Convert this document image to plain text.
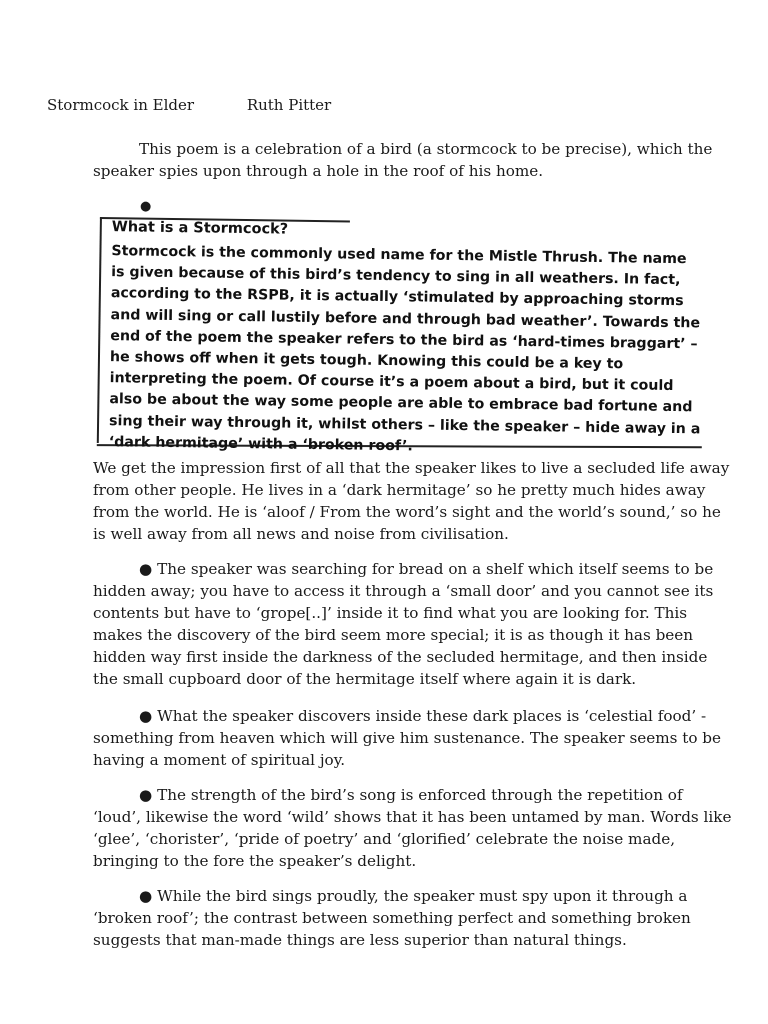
Stormcock in Elder	Ruth Pitter

This poem is a celebration of a bird (a stormcock to be precise), which the speaker spies upon through a hole in the roof of his home.

●
What is a Stormcock?

Stormcock is the commonly used name for the Mistle Thrush. The name is given because of this bird’s tendency to sing in all weathers. In fact, according to the RSPB, it is actually ‘stimulated by approaching storms and will sing or call lustily before and through bad weather’. Towards the end of the poem the speaker refers to the bird as ‘hard-times braggart’ – he shows off when it gets tough. Knowing this could be a key to interpreting the poem. Of course it’s a poem about a bird, but it could also be about the way some people are able to embrace bad fortune and sing their way through it, whilst others – like the speaker – hide away in a ‘dark hermitage’ with a ‘broken roof’.

We get the impression first of all that the speaker likes to live a secluded life away from other people. He lives in a ‘dark hermitage’ so he pretty much hides away from the world. He is ‘aloof / From the word’s sight and the world’s sound,’ so he is well away from all news and noise from civilisation.

● The speaker was searching for bread on a shelf which itself seems to be hidden away; you have to access it through a ‘small door’ and you cannot see its contents but have to ‘grope[..]’ inside it to find what you are looking for. This makes the discovery of the bird seem more special; it is as though it has been hidden way first inside the darkness of the secluded hermitage, and then inside the small cupboard door of the hermitage itself where again it is dark.

● What the speaker discovers inside these dark places is ‘celestial food’ - something from heaven which will give him sustenance. The speaker seems to be having a moment of spiritual joy.

● The strength of the bird’s song is enforced through the repetition of ‘loud’, likewise the word ‘wild’ shows that it has been untamed by man. Words like ‘glee’, ‘chorister’, ‘pride of poetry’ and ‘glorified’ celebrate the noise made, bringing to the fore the speaker’s delight.

● While the bird sings proudly, the speaker must spy upon it through a ‘broken roof’; the contrast between something perfect and something broken suggests that man-made things are less superior than natural things.
